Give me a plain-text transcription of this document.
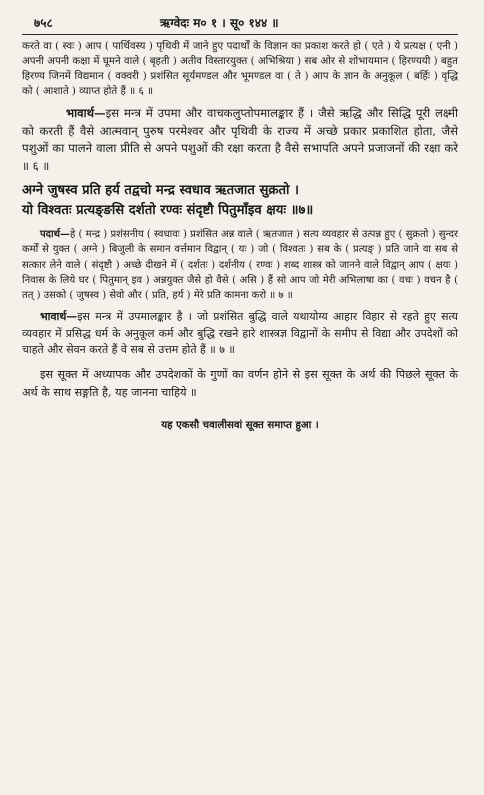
७५८	ऋग्वेदः म० १ । सू० १४४ ॥

करते वा ( स्वः ) आप ( पार्थिवस्य ) पृथिवी में जाने हुए पदार्थों के विज्ञान का प्रकाश करते हो ( एते ) ये प्रत्यक्ष ( एनी ) अपनी अपनी कक्षा में घूमने वाले ( बृहती ) अतीव विस्तारयुक्त ( अभिश्रिया ) सब ओर से शोभायमान ( हिरण्ययी ) बहुत हिरण्य जिनमें विद्यमान ( वक्वरी ) प्रशंसित सूर्यमण्डल और भूमण्डल वा ( ते ) आप के ज्ञान के अनुकूल ( बर्हिः ) वृद्धि को ( आशाते ) व्याप्त होते हैं ॥ ६ ॥

भावार्थ—इस मन्त्र में उपमा और वाचकलुप्तोपमालङ्कार हैं । जैसे ऋद्धि और सिद्धि पूरी लक्ष्मी को करती हैं वैसे आत्मवान् पुरुष परमेश्वर और पृथिवी के राज्य में अच्छे प्रकार प्रकाशित होता, जैसे पशुओं का पालने वाला प्रीति से अपने पशुओं की रक्षा करता है वैसे सभापति अपने प्रजाजनों की रक्षा करे ॥ ६ ॥

अग्ने जुषस्व प्रति हर्य तद्वचो मन्द्र स्वधाव ऋतजात सुक्रतो ।
यो विश्वतः प्रत्यङ्ङसि दर्शतो रण्वः संदृष्टौ पितुमाँइव क्षयः ॥७॥

पदार्थ—हे ( मन्द्र ) प्रशंसनीय ( स्वधावः ) प्रशंसित अन्न वाले ( ऋतजात ) सत्य व्यवहार से उत्पन्न हुए ( सुक्रतो ) सुन्दर कर्मों से युक्त ( अग्ने ) बिजुली के समान वर्त्तमान विद्वान् ( यः ) जो ( विश्वतः ) सब के ( प्रत्यङ् ) प्रति जाने वा सब से सत्कार लेने वाले ( संदृष्टौ ) अच्छे दीखने में ( दर्शतः ) दर्शनीय ( रण्वः ) शब्द शास्त्र को जानने वाले विद्वान् आप ( क्षयः ) निवास के लिये घर ( पितुमान् इव ) अन्नयुक्त जैसे हो वैसे ( असि ) हैं सो आप जो मेरी अभिलाषा का ( वचः ) वचन है ( तत् ) उसको ( जुषस्व ) सेवो और ( प्रति, हर्य ) मेरे प्रति कामना करो ॥ ७ ॥

भावार्थ—इस मन्त्र में उपमालङ्कार है । जो प्रशंसित बुद्धि वाले यथायोग्य आहार विहार से रहते हुए सत्य व्यवहार में प्रसिद्ध धर्म के अनुकूल कर्म और बुद्धि रखने हारे शास्त्रज्ञ विद्वानों के समीप से विद्या और उपदेशों को चाहते और सेवन करते हैं वे सब से उत्तम होते हैं ॥ ७ ॥

इस सूक्त में अध्यापक और उपदेशकों के गुणों का वर्णन होने से इस सूक्त के अर्थ की पिछले सूक्त के अर्थ के साथ सङ्गति है, यह जानना चाहिये ॥

यह एकसौ चवालीसवां सूक्त समाप्त हुआ ।
